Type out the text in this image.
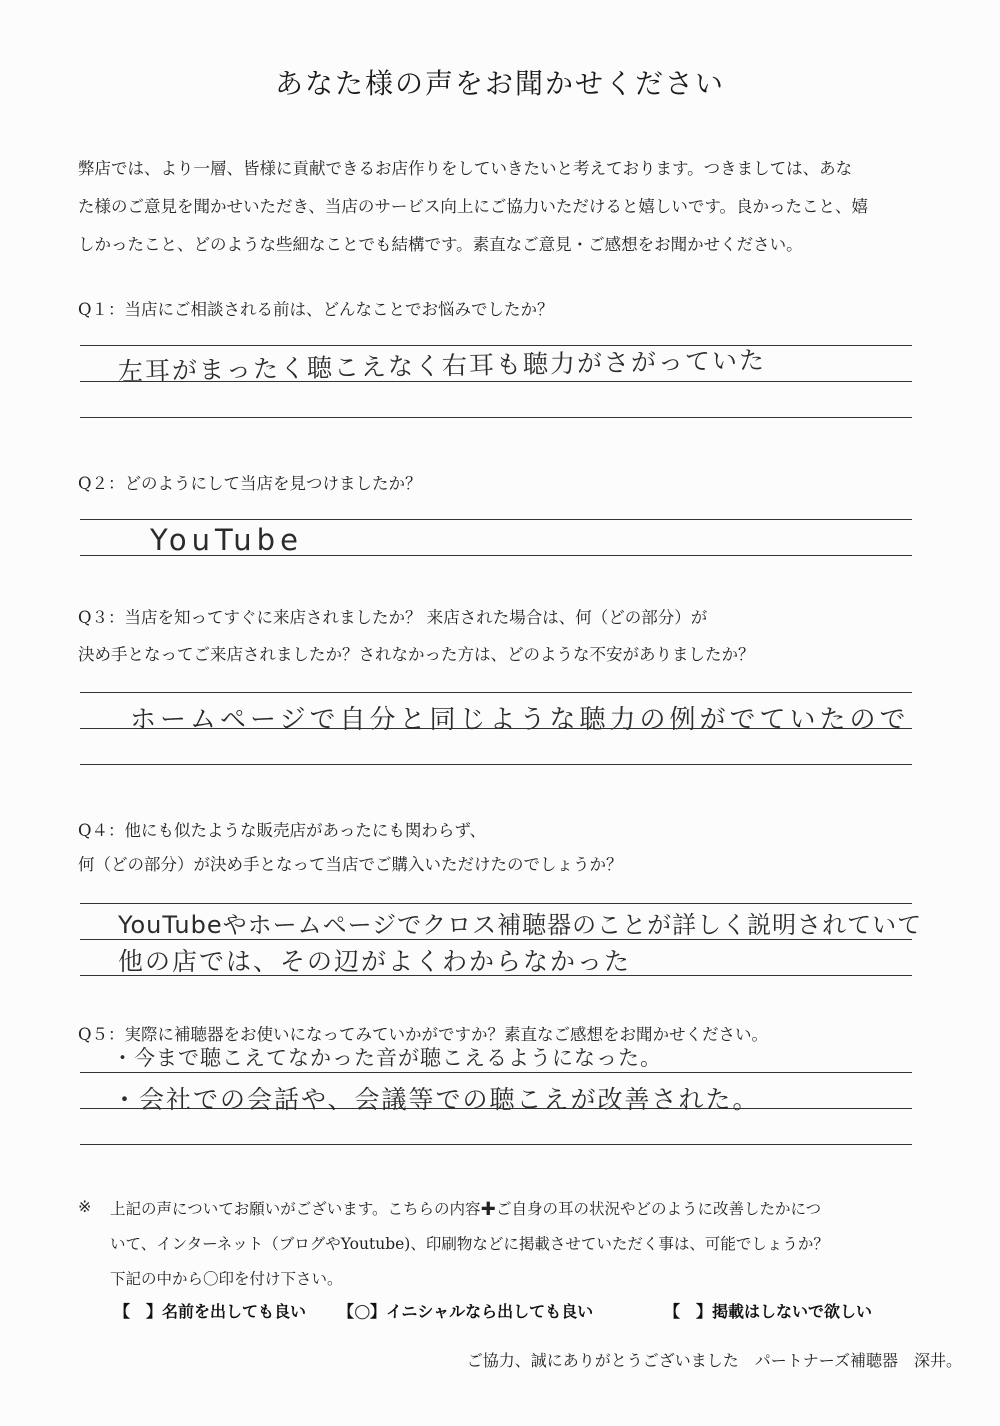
あなた様の声をお聞かせください
弊店では、より一層、皆様に貢献できるお店作りをしていきたいと考えております。つきましては、あな
た様のご意見を聞かせいただき、当店のサービス向上にご協力いただけると嬉しいです。良かったこと、嬉
しかったこと、どのような些細なことでも結構です。素直なご意見・ご感想をお聞かせください。
Q１：当店にご相談される前は、どんなことでお悩みでしたか？
左耳がまったく聴こえなく右耳も聴力がさがっていた
Q２：どのようにして当店を見つけましたか？
YouTube
Q３：当店を知ってすぐに来店されましたか？ 来店された場合は、何（どの部分）が
決め手となってご来店されましたか？されなかった方は、どのような不安がありましたか？
ホームページで自分と同じような聴力の例がでていたので
Q４：他にも似たような販売店があったにも関わらず、
何（どの部分）が決め手となって当店でご購入いただけたのでしょうか？
YouTubeやホームページでクロス補聴器のことが詳しく説明されていて
他の店では、その辺がよくわからなかった
Q５：実際に補聴器をお使いになってみていかがですか？素直なご感想をお聞かせください。
・今まで聴こえてなかった音が聴こえるようになった。
・会社での会話や、会議等での聴こえが改善された。
※ 上記の声についてお願いがございます。こちらの内容✚ご自身の耳の状況やどのように改善したかにつ
いて、インターネット（ブログやYoutube)、印刷物などに掲載させていただく事は、可能でしょうか？
下記の中から〇印を付け下さい。
【 】名前を出しても良い 【○】イニシャルなら出しても良い	【 】掲載はしないで欲しい
ご協力、誠にありがとうございました　パートナーズ補聴器　深井。
